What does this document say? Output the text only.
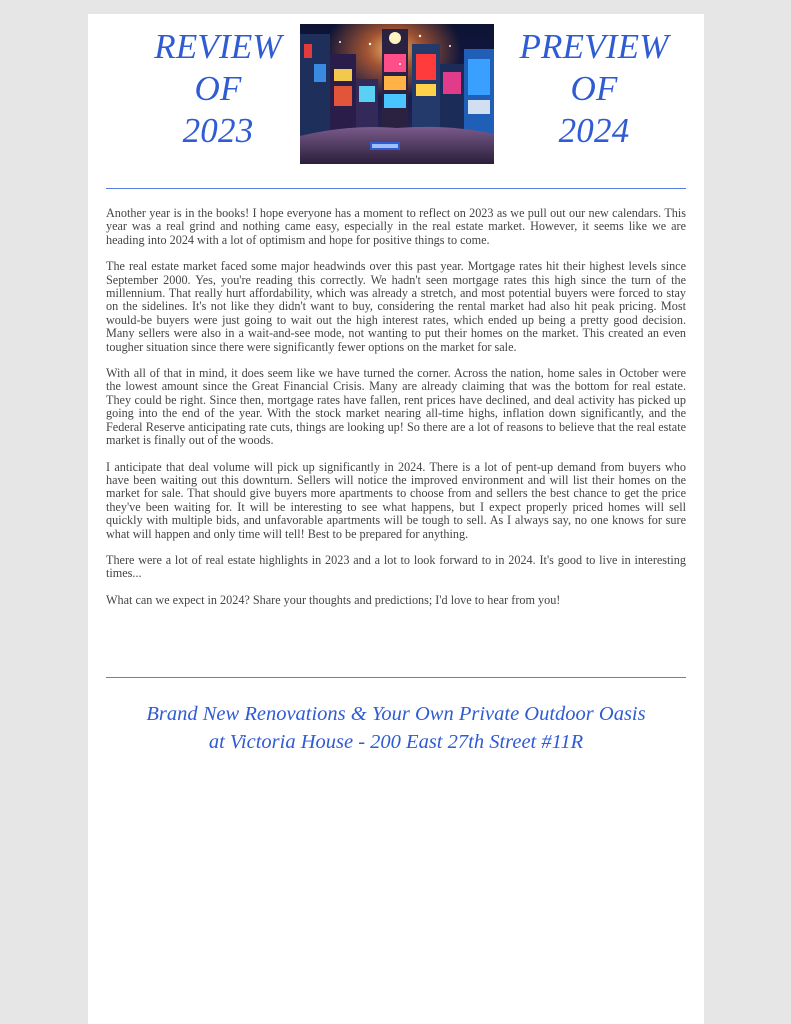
REVIEW
OF
2023
PREVIEW
OF
2024

Another year is in the books! I hope everyone has a moment to reflect on 2023 as we pull out our new calendars. This year was a real grind and nothing came easy, especially in the real estate market. However, it seems like we are heading into 2024 with a lot of optimism and hope for positive things to come.

The real estate market faced some major headwinds over this past year. Mortgage rates hit their highest levels since September 2000. Yes, you're reading this correctly. We hadn't seen mortgage rates this high since the turn of the millennium. That really hurt affordability, which was already a stretch, and most potential buyers were forced to stay on the sidelines. It's not like they didn't want to buy, considering the rental market had also hit peak pricing. Most would-be buyers were just going to wait out the high interest rates, which ended up being a pretty good decision. Many sellers were also in a wait-and-see mode, not wanting to put their homes on the market. This created an even tougher situation since there were significantly fewer options on the market for sale.

With all of that in mind, it does seem like we have turned the corner. Across the nation, home sales in October were the lowest amount since the Great Financial Crisis. Many are already claiming that was the bottom for real estate. They could be right. Since then, mortgage rates have fallen, rent prices have declined, and deal activity has picked up going into the end of the year. With the stock market nearing all-time highs, inflation down significantly, and the Federal Reserve anticipating rate cuts, things are looking up! So there are a lot of reasons to believe that the real estate market is finally out of the woods.

I anticipate that deal volume will pick up significantly in 2024. There is a lot of pent-up demand from buyers who have been waiting out this downturn. Sellers will notice the improved environment and will list their homes on the market for sale. That should give buyers more apartments to choose from and sellers the best chance to get the price they've been waiting for. It will be interesting to see what happens, but I expect properly priced homes will sell quickly with multiple bids, and unfavorable apartments will be tough to sell. As I always say, no one knows for sure what will happen and only time will tell! Best to be prepared for anything.

There were a lot of real estate highlights in 2023 and a lot to look forward to in 2024. It's good to live in interesting times...

What can we expect in 2024? Share your thoughts and predictions; I'd love to hear from you!

Brand New Renovations & Your Own Private Outdoor Oasis
at Victoria House - 200 East 27th Street #11R
